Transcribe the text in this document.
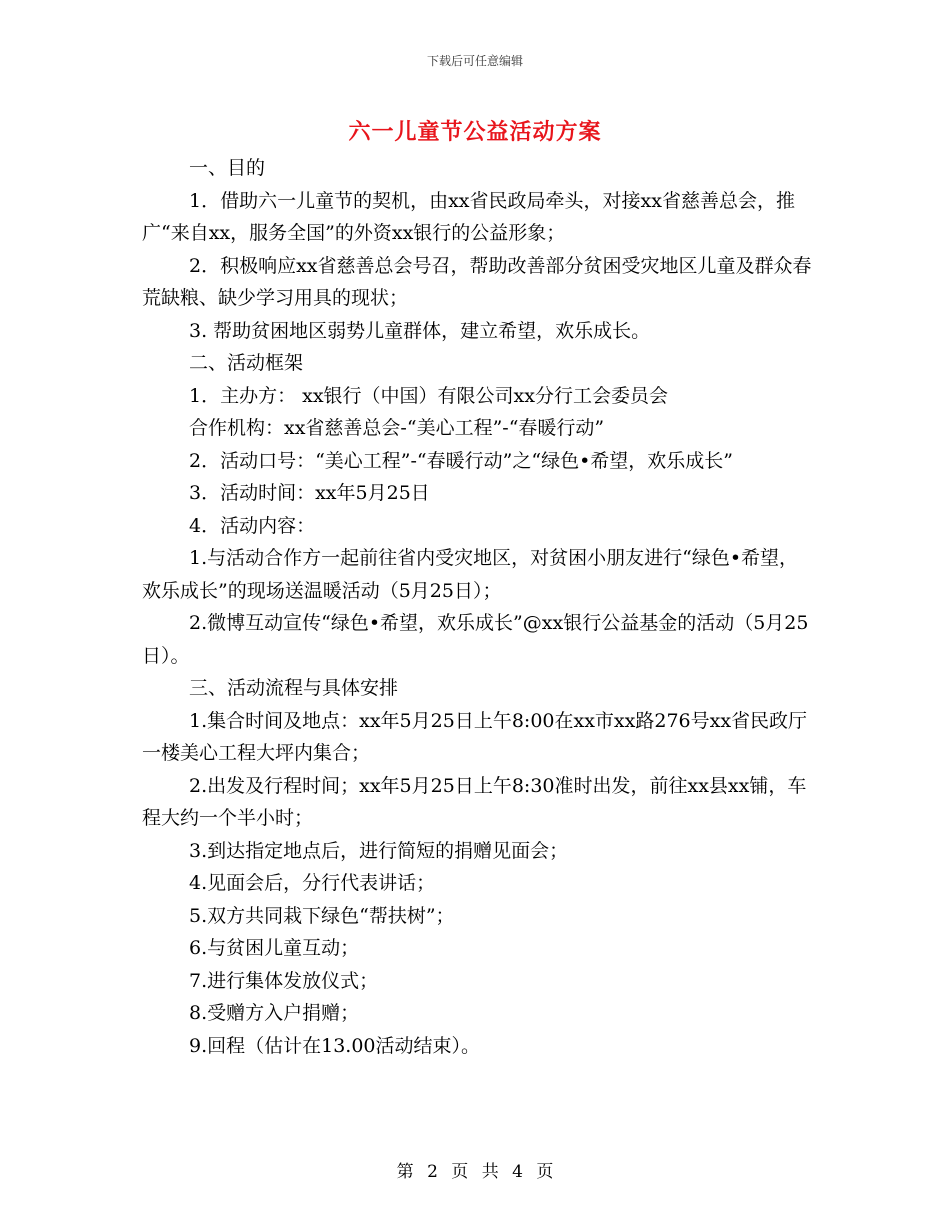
下载后可任意编辑
六一儿童节公益活动方案

一、目的

1．借助六一儿童节的契机，由xx省民政局牵头，对接xx省慈善总会，推广“来自xx，服务全国”的外资xx银行的公益形象；

2．积极响应xx省慈善总会号召，帮助改善部分贫困受灾地区儿童及群众春荒缺粮、缺少学习用具的现状；

3. 帮助贫困地区弱势儿童群体，建立希望，欢乐成长。

二、活动框架

1．主办方： xx银行（中国）有限公司xx分行工会委员会

合作机构：xx省慈善总会-“美心工程”-“春暖行动”

2．活动口号：“美心工程”-“春暖行动”之“绿色•希望，欢乐成长”

3．活动时间：xx年5月25日

4．活动内容：

1.与活动合作方一起前往省内受灾地区，对贫困小朋友进行“绿色•希望，欢乐成长”的现场送温暖活动（5月25日）；

2.微博互动宣传“绿色•希望，欢乐成长”@xx银行公益基金的活动（5月25日）。

三、活动流程与具体安排

1.集合时间及地点：xx年5月25日上午8:00在xx市xx路276号xx省民政厅一楼美心工程大坪内集合；

2.出发及行程时间；xx年5月25日上午8:30准时出发，前往xx县xx铺，车程大约一个半小时；

3.到达指定地点后，进行简短的捐赠见面会；

4.见面会后，分行代表讲话；

5.双方共同栽下绿色“帮扶树”；

6.与贫困儿童互动；

7.进行集体发放仪式；

8.受赠方入户捐赠；

9.回程（估计在13.00活动结束）。

第 2 页 共 4 页
